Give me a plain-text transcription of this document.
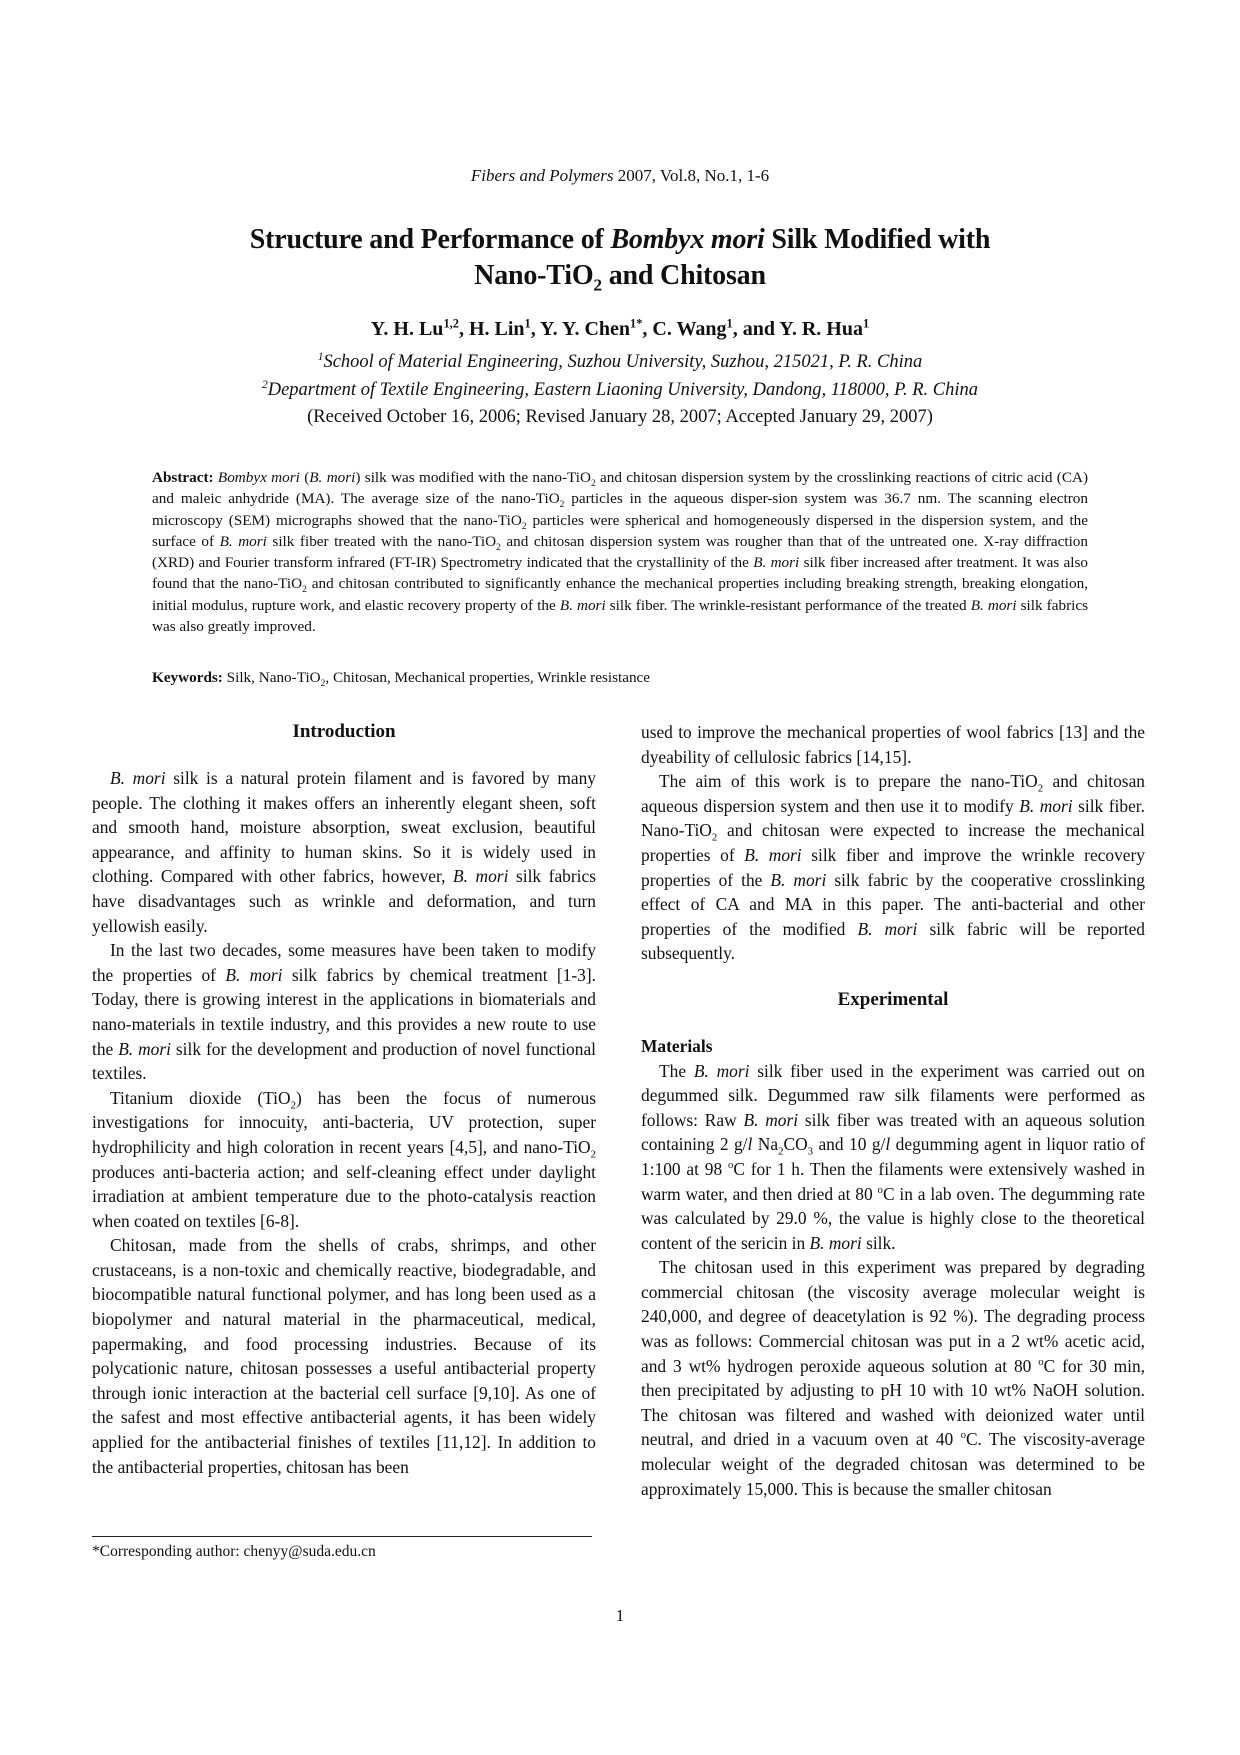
Fibers and Polymers 2007, Vol.8, No.1, 1-6
Structure and Performance of Bombyx mori Silk Modified with
Nano-TiO$_2$ and Chitosan
Y. H. Lu$^{1,2}$, H. Lin$^1$, Y. Y. Chen$^{1*}$, C. Wang$^1$, and Y. R. Hua$^1$
$^1$School of Material Engineering, Suzhou University, Suzhou, 215021, P. R. China
$^2$Department of Textile Engineering, Eastern Liaoning University, Dandong, 118000, P. R. China
(Received October 16, 2006; Revised January 28, 2007; Accepted January 29, 2007)
Abstract: Bombyx mori (B. mori) silk was modified with the nano-TiO$_2$ and chitosan dispersion system by the crosslinking reactions of citric acid (CA) and maleic anhydride (MA). The average size of the nano-TiO$_2$ particles in the aqueous disper-sion system was 36.7 nm. The scanning electron microscopy (SEM) micrographs showed that the nano-TiO$_2$ particles were spherical and homogeneously dispersed in the dispersion system, and the surface of B. mori silk fiber treated with the nano-TiO$_2$ and chitosan dispersion system was rougher than that of the untreated one. X-ray diffraction (XRD) and Fourier transform infrared (FT-IR) Spectrometry indicated that the crystallinity of the B. mori silk fiber increased after treatment. It was also found that the nano-TiO$_2$ and chitosan contributed to significantly enhance the mechanical properties including breaking strength, breaking elongation, initial modulus, rupture work, and elastic recovery property of the B. mori silk fiber. The wrinkle-resistant performance of the treated B. mori silk fabrics was also greatly improved.
Keywords: Silk, Nano-TiO$_2$, Chitosan, Mechanical properties, Wrinkle resistance
Introduction

B. mori silk is a natural protein filament and is favored by many people. The clothing it makes offers an inherently elegant sheen, soft and smooth hand, moisture absorption, sweat exclusion, beautiful appearance, and affinity to human skins. So it is widely used in clothing. Compared with other fabrics, however, B. mori silk fabrics have disadvantages such as wrinkle and deformation, and turn yellowish easily.

In the last two decades, some measures have been taken to modify the properties of B. mori silk fabrics by chemical treatment [1-3]. Today, there is growing interest in the applications in biomaterials and nano-materials in textile industry, and this provides a new route to use the B. mori silk for the development and production of novel functional textiles.

Titanium dioxide (TiO$_2$) has been the focus of numerous investigations for innocuity, anti-bacteria, UV protection, super hydrophilicity and high coloration in recent years [4,5], and nano-TiO$_2$ produces anti-bacteria action; and self-cleaning effect under daylight irradiation at ambient temperature due to the photo-catalysis reaction when coated on textiles [6-8].

Chitosan, made from the shells of crabs, shrimps, and other crustaceans, is a non-toxic and chemically reactive, biodegradable, and biocompatible natural functional polymer, and has long been used as a biopolymer and natural material in the pharmaceutical, medical, papermaking, and food processing industries. Because of its polycationic nature, chitosan possesses a useful antibacterial property through ionic interaction at the bacterial cell surface [9,10]. As one of the safest and most effective antibacterial agents, it has been widely applied for the antibacterial finishes of textiles [11,12]. In addition to the antibacterial properties, chitosan has been

used to improve the mechanical properties of wool fabrics [13] and the dyeability of cellulosic fabrics [14,15].

The aim of this work is to prepare the nano-TiO$_2$ and chitosan aqueous dispersion system and then use it to modify B. mori silk fiber. Nano-TiO$_2$ and chitosan were expected to increase the mechanical properties of B. mori silk fiber and improve the wrinkle recovery properties of the B. mori silk fabric by the cooperative crosslinking effect of CA and MA in this paper. The anti-bacterial and other properties of the modified B. mori silk fabric will be reported subsequently.

Experimental
Materials

The B. mori silk fiber used in the experiment was carried out on degummed silk. Degummed raw silk filaments were performed as follows: Raw B. mori silk fiber was treated with an aqueous solution containing 2 g/l $Na_2CO_3$ and 10 g/l degumming agent in liquor ratio of 1:100 at 98 $^o$C for 1 h. Then the filaments were extensively washed in warm water, and then dried at 80 $^o$C in a lab oven. The degumming rate was calculated by 29.0 %, the value is highly close to the theoretical content of the sericin in B. mori silk.

The chitosan used in this experiment was prepared by degrading commercial chitosan (the viscosity average molecular weight is 240,000, and degree of deacetylation is 92 %). The degrading process was as follows: Commercial chitosan was put in a 2 wt% acetic acid, and 3 wt% hydrogen peroxide aqueous solution at 80 $^o$C for 30 min, then precipitated by adjusting to pH 10 with 10 wt% NaOH solution. The chitosan was filtered and washed with deionized water until neutral, and dried in a vacuum oven at 40 $^o$C. The viscosity-average molecular weight of the degraded chitosan was determined to be approximately 15,000. This is because the smaller chitosan

*Corresponding author: chenyy@suda.edu.cn
1
